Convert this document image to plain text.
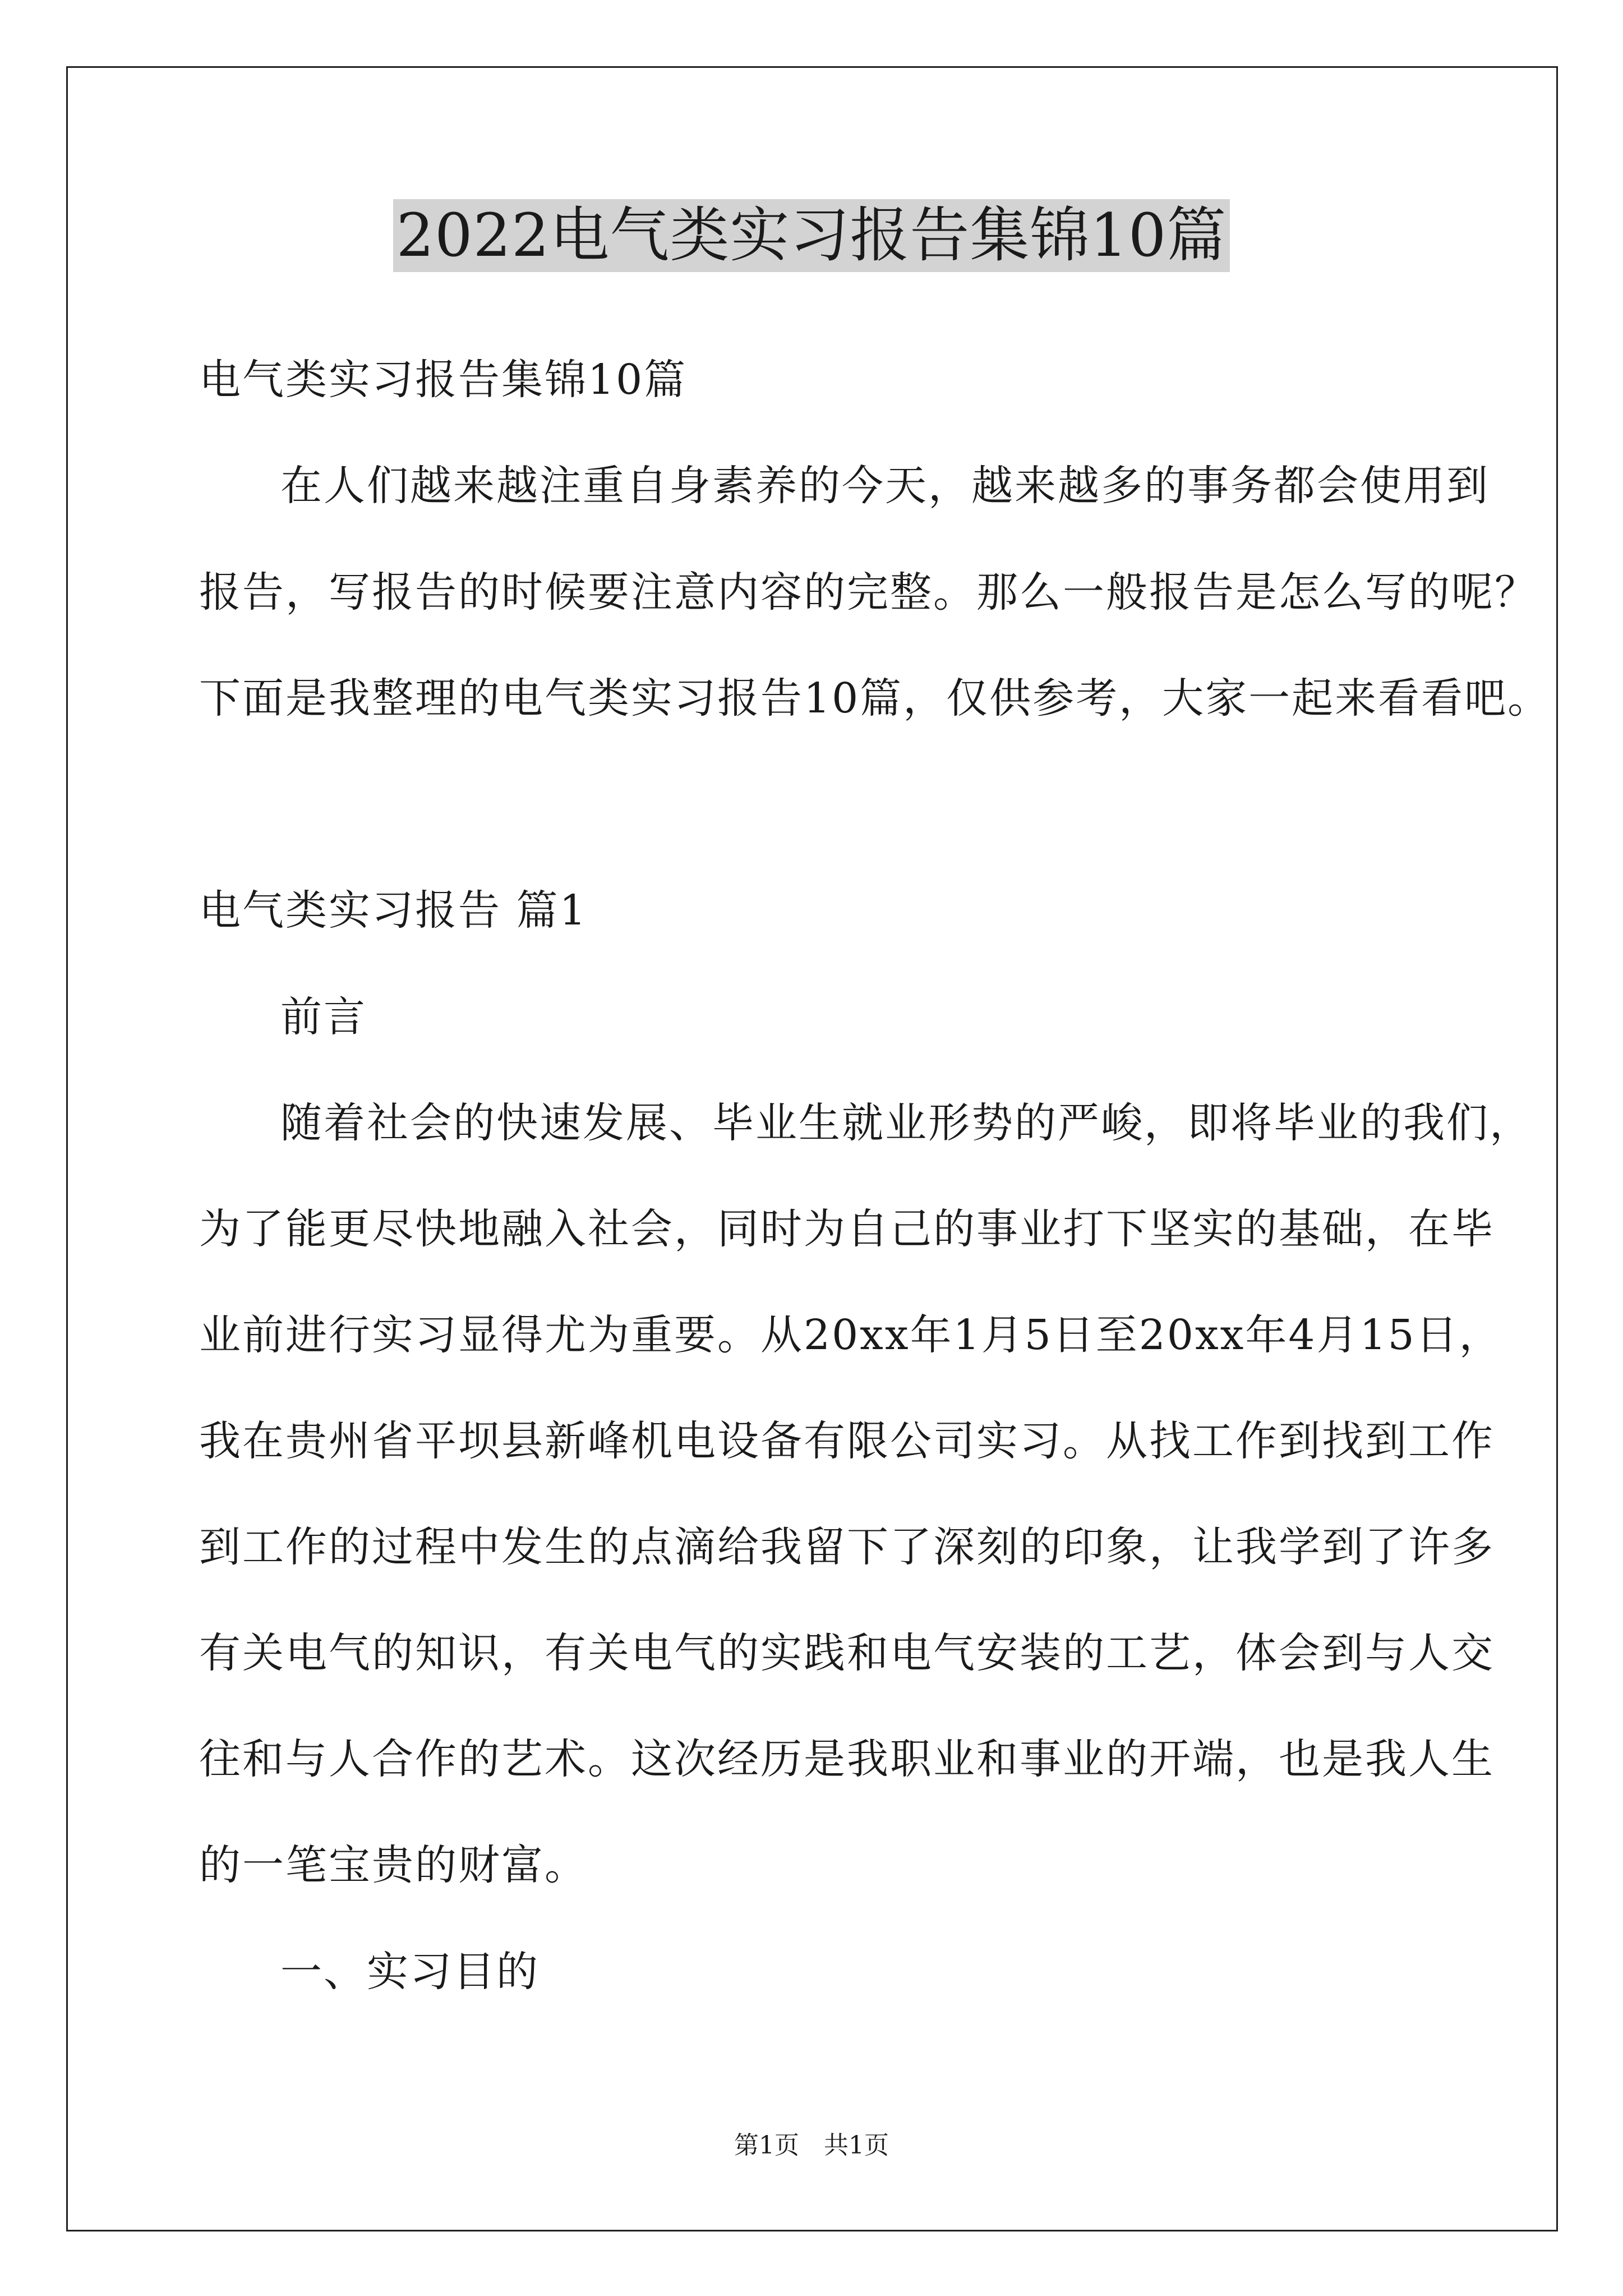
2022电气类实习报告集锦10篇
电气类实习报告集锦10篇
在人们越来越注重自身素养的今天，越来越多的事务都会使用到
报告，写报告的时候要注意内容的完整。那么一般报告是怎么写的呢？
下面是我整理的电气类实习报告10篇，仅供参考，大家一起来看看吧。
电气类实习报告 篇1
前言
随着社会的快速发展、毕业生就业形势的严峻，即将毕业的我们，
为了能更尽快地融入社会，同时为自己的事业打下坚实的基础，在毕
业前进行实习显得尤为重要。从20xx年1月5日至20xx年4月15日，
我在贵州省平坝县新峰机电设备有限公司实习。从找工作到找到工作
到工作的过程中发生的点滴给我留下了深刻的印象，让我学到了许多
有关电气的知识，有关电气的实践和电气安装的工艺，体会到与人交
往和与人合作的艺术。这次经历是我职业和事业的开端，也是我人生
的一笔宝贵的财富。
一、实习目的
第1页　共1页
